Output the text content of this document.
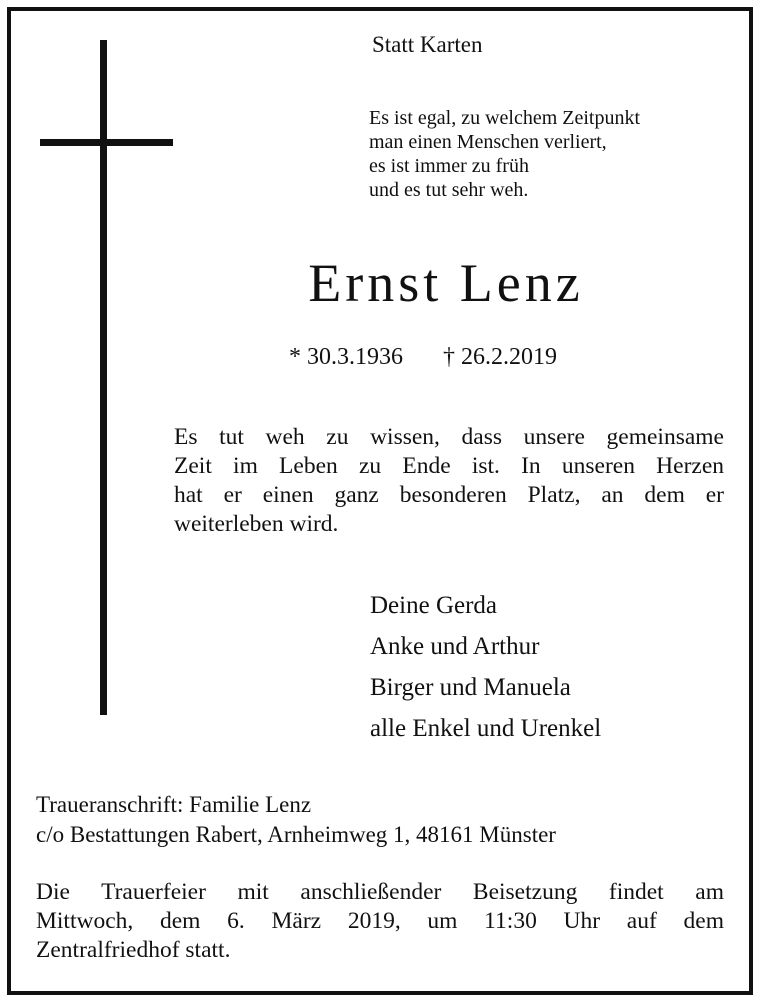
Statt Karten
Es ist egal, zu welchem Zeitpunkt
man einen Menschen verliert,
es ist immer zu früh
und es tut sehr weh.
Ernst Lenz
* 30.3.1936 † 26.2.2019
Es tut weh zu wissen, dass unsere gemeinsame
Zeit im Leben zu Ende ist. In unseren Herzen
hat er einen ganz besonderen Platz, an dem er
weiterleben wird.
Deine Gerda
Anke und Arthur
Birger und Manuela
alle Enkel und Urenkel
Traueranschrift: Familie Lenz
c/o Bestattungen Rabert, Arnheimweg 1, 48161 Münster
Die Trauerfeier mit anschließender Beisetzung findet am
Mittwoch, dem 6. März 2019, um 11:30 Uhr auf dem
Zentralfriedhof statt.
